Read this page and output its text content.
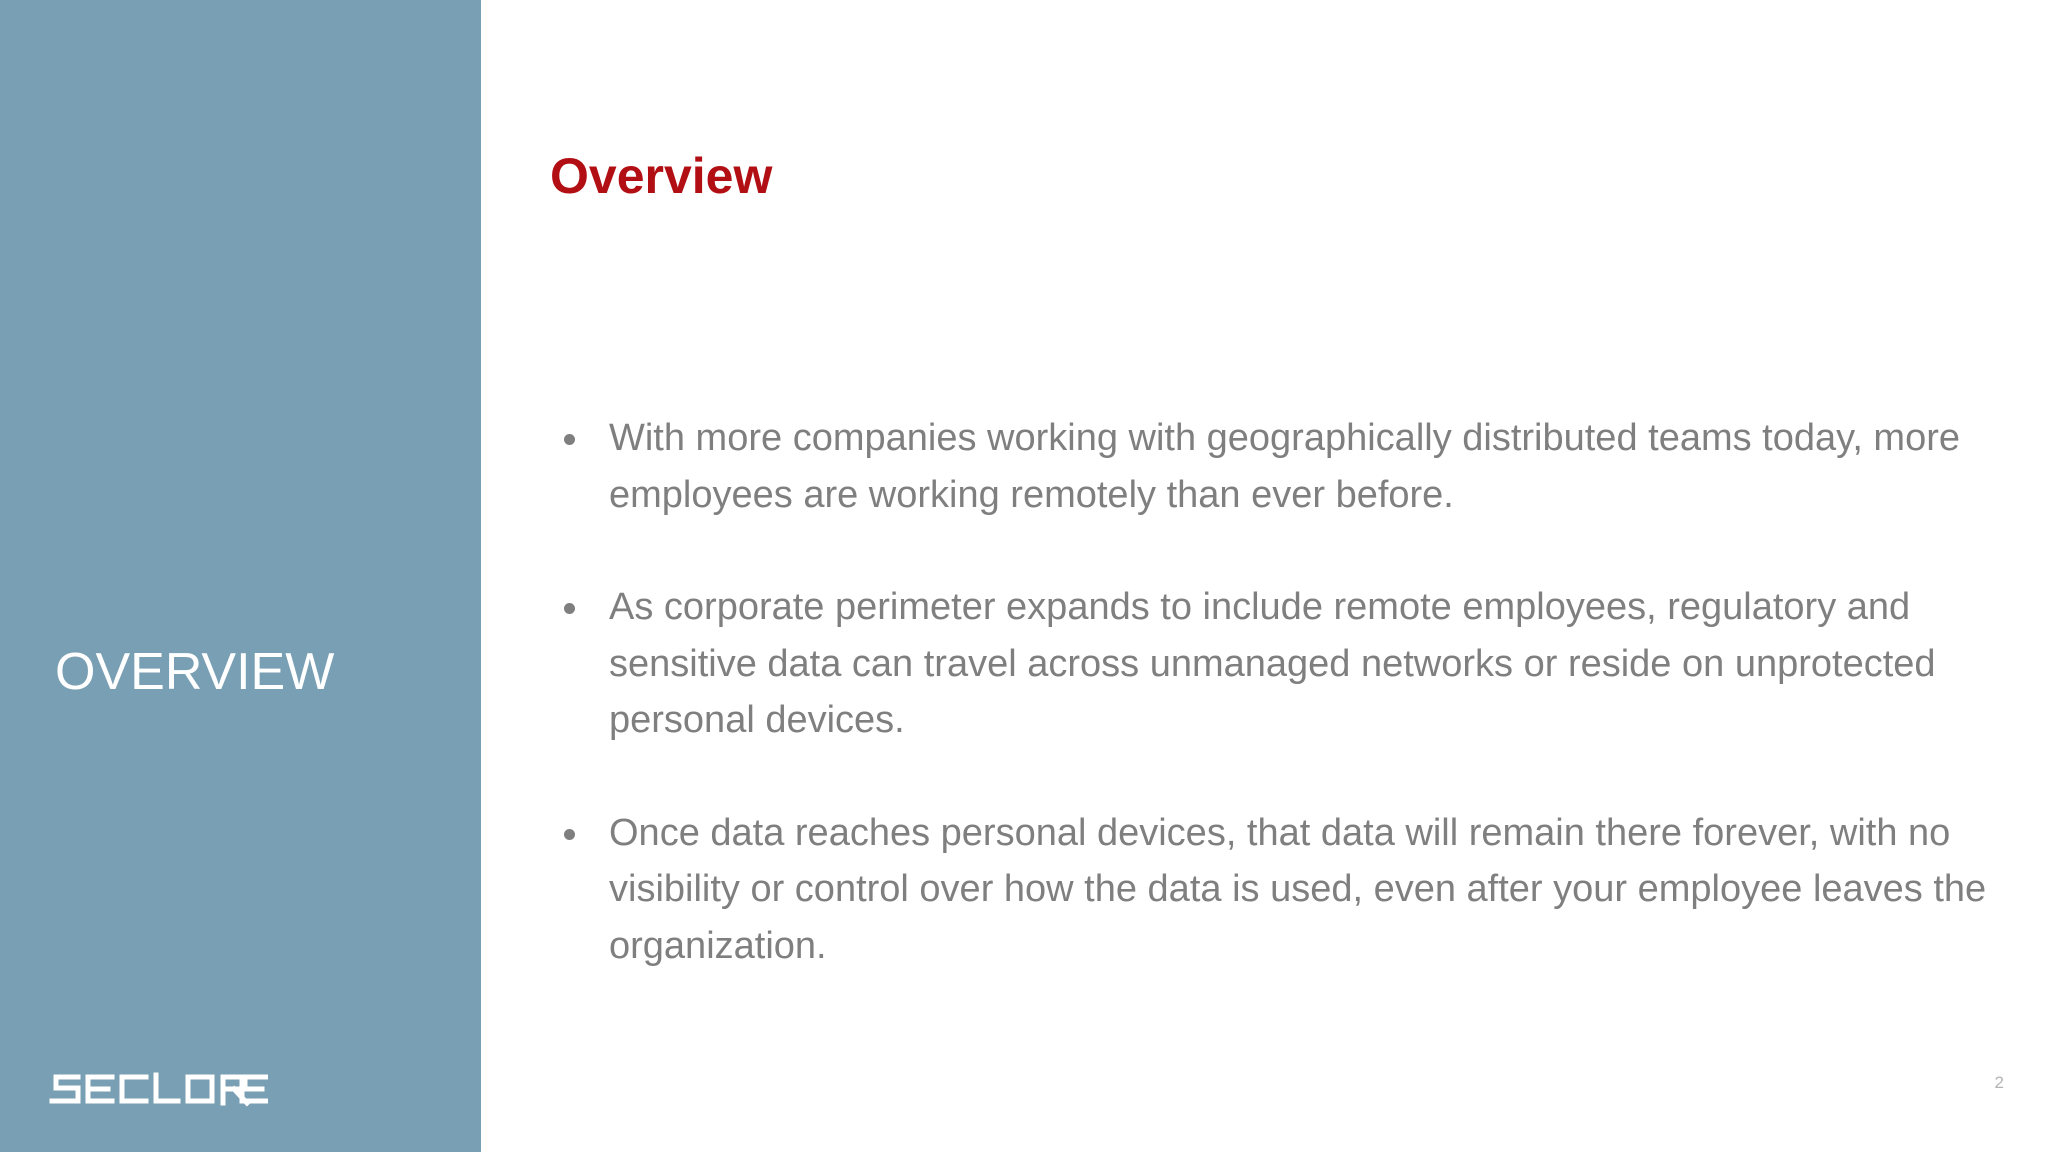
OVERVIEW
Overview
With more companies working with geographically distributed teams today, more employees are working remotely than ever before.
As corporate perimeter expands to include remote employees, regulatory and sensitive data can travel across unmanaged networks or reside on unprotected personal devices.
Once data reaches personal devices, that data will remain there forever, with no visibility or control over how the data is used, even after your employee leaves the organization.
2
